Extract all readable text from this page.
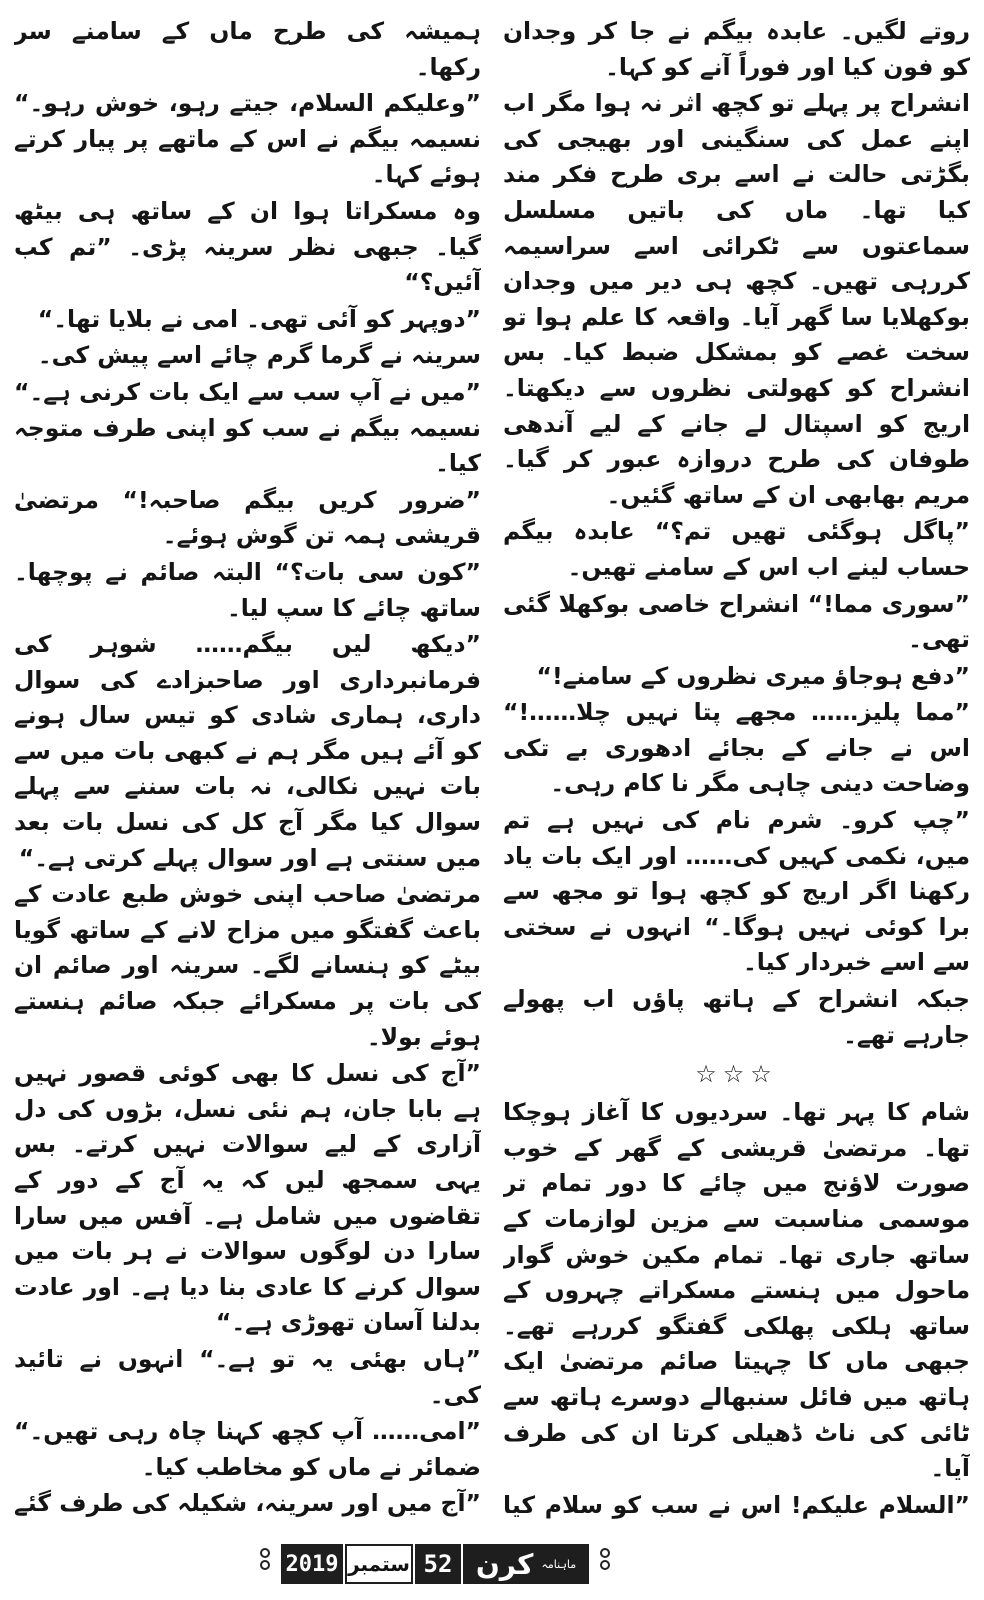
روتے لگیں۔ عابدہ بیگم نے جا کر وجدان کو فون کیا اور فوراً آنے کو کہا۔

انشراح پر پہلے تو کچھ اثر نہ ہوا مگر اب اپنے عمل کی سنگینی اور بھیجی کی بگڑتی حالت نے اسے بری طرح فکر مند کیا تھا۔ ماں کی باتیں مسلسل سماعتوں سے ٹکرائی اسے سراسیمہ کررہی تھیں۔ کچھ ہی دیر میں وجدان بوکھلایا سا گھر آیا۔ واقعہ کا علم ہوا تو سخت غصے کو بمشکل ضبط کیا۔ بس انشراح کو کھولتی نظروں سے دیکھتا۔ اریج کو اسپتال لے جانے کے لیے آندھی طوفان کی طرح دروازہ عبور کر گیا۔ مریم بھابھی ان کے ساتھ گئیں۔

”پاگل ہوگئی تھیں تم؟“ عابدہ بیگم حساب لینے اب اس کے سامنے تھیں۔

”سوری مما!“ انشراح خاصی بوکھلا گئی تھی۔

”دفع ہوجاؤ میری نظروں کے سامنے!“

”مما پلیز…… مجھے پتا نہیں چلا……!“ اس نے جانے کے بجائے ادھوری بے تکی وضاحت دینی چاہی مگر نا کام رہی۔

”چپ کرو۔ شرم نام کی نہیں ہے تم میں، نکمی کہیں کی…… اور ایک بات یاد رکھنا اگر اریج کو کچھ ہوا تو مجھ سے برا کوئی نہیں ہوگا۔“ انہوں نے سختی سے اسے خبردار کیا۔

جبکہ انشراح کے ہاتھ پاؤں اب پھولے جارہے تھے۔

☆☆☆

شام کا پہر تھا۔ سردیوں کا آغاز ہوچکا تھا۔ مرتضیٰ قریشی کے گھر کے خوب صورت لاؤنج میں چائے کا دور تمام تر موسمی مناسبت سے مزین لوازمات کے ساتھ جاری تھا۔ تمام مکین خوش گوار ماحول میں ہنستے مسکراتے چہروں کے ساتھ ہلکی پھلکی گفتگو کررہے تھے۔ جبھی ماں کا چہیتا صائم مرتضیٰ ایک ہاتھ میں فائل سنبھالے دوسرے ہاتھ سے ٹائی کی ناٹ ڈھیلی کرتا ان کی طرف آیا۔

”السلام علیکم! اس نے سب کو سلام کیا

ہمیشہ کی طرح ماں کے سامنے سر رکھا۔

”وعلیکم السلام، جیتے رہو، خوش رہو۔“ نسیمہ بیگم نے اس کے ماتھے پر پیار کرتے ہوئے کہا۔

وہ مسکراتا ہوا ان کے ساتھ ہی بیٹھ گیا۔ جبھی نظر سرینہ پڑی۔ ”تم کب آئیں؟“

”دوپہر کو آئی تھی۔ امی نے بلایا تھا۔“

سرینہ نے گرما گرم چائے اسے پیش کی۔

”میں نے آپ سب سے ایک بات کرنی ہے۔“ نسیمہ بیگم نے سب کو اپنی طرف متوجہ کیا۔

”ضرور کریں بیگم صاحبہ!“ مرتضیٰ قریشی ہمہ تن گوش ہوئے۔

”کون سی بات؟“ البتہ صائم نے پوچھا۔ ساتھ چائے کا سپ لیا۔

”دیکھ لیں بیگم…… شوہر کی فرمانبرداری اور صاحبزادے کی سوال داری، ہماری شادی کو تیس سال ہونے کو آئے ہیں مگر ہم نے کبھی بات میں سے بات نہیں نکالی، نہ بات سننے سے پہلے سوال کیا مگر آج کل کی نسل بات بعد میں سنتی ہے اور سوال پہلے کرتی ہے۔“

مرتضیٰ صاحب اپنی خوش طبع عادت کے باعث گفتگو میں مزاح لانے کے ساتھ گویا بیٹے کو ہنسانے لگے۔ سرینہ اور صائم ان کی بات پر مسکرائے جبکہ صائم ہنستے ہوئے بولا۔

”آج کی نسل کا بھی کوئی قصور نہیں ہے بابا جان، ہم نئی نسل، بڑوں کی دل آزاری کے لیے سوالات نہیں کرتے۔ بس یہی سمجھ لیں کہ یہ آج کے دور کے تقاضوں میں شامل ہے۔ آفس میں سارا سارا دن لوگوں سوالات نے ہر بات میں سوال کرنے کا عادی بنا دیا ہے۔ اور عادت بدلنا آسان تھوڑی ہے۔“

”ہاں بھئی یہ تو ہے۔“ انہوں نے تائید کی۔

”امی…… آپ کچھ کہنا چاہ رہی تھیں۔“ ضمائر نے ماں کو مخاطب کیا۔

”آج میں اور سرینہ، شکیلہ کی طرف گئے

2019 ستمبر 52	ماہنامہ
کرن
